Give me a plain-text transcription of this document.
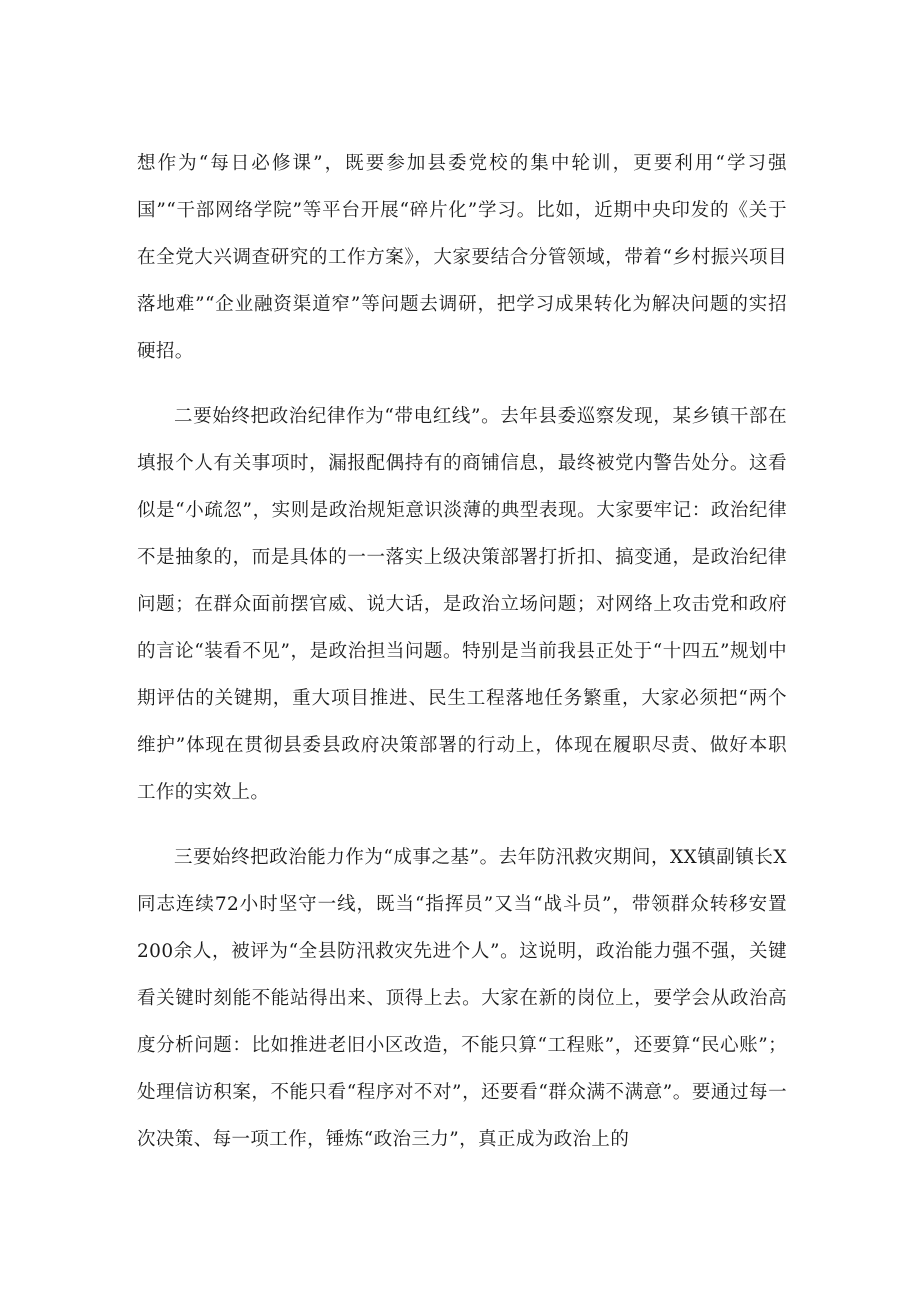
想作为“每日必修课”，既要参加县委党校的集中轮训，更要利用“学习强国”“干部网络学院”等平台开展“碎片化”学习。比如，近期中央印发的《关于在全党大兴调查研究的工作方案》，大家要结合分管领域，带着“乡村振兴项目落地难”“企业融资渠道窄”等问题去调研，把学习成果转化为解决问题的实招硬招。

二要始终把政治纪律作为“带电红线”。去年县委巡察发现，某乡镇干部在填报个人有关事项时，漏报配偶持有的商铺信息，最终被党内警告处分。这看似是“小疏忽”，实则是政治规矩意识淡薄的典型表现。大家要牢记：政治纪律不是抽象的，而是具体的一一落实上级决策部署打折扣、搞变通，是政治纪律问题；在群众面前摆官威、说大话，是政治立场问题；对网络上攻击党和政府的言论“装看不见”，是政治担当问题。特别是当前我县正处于“十四五”规划中期评估的关键期，重大项目推进、民生工程落地任务繁重，大家必须把“两个维护”体现在贯彻县委县政府决策部署的行动上，体现在履职尽责、做好本职工作的实效上。

三要始终把政治能力作为“成事之基”。去年防汛救灾期间，XX镇副镇长X同志连续72小时坚守一线，既当“指挥员”又当“战斗员”，带领群众转移安置200余人，被评为“全县防汛救灾先进个人”。这说明，政治能力强不强，关键看关键时刻能不能站得出来、顶得上去。大家在新的岗位上，要学会从政治高度分析问题：比如推进老旧小区改造，不能只算“工程账”，还要算“民心账”；处理信访积案，不能只看“程序对不对”，还要看“群众满不满意”。要通过每一次决策、每一项工作，锤炼“政治三力”，真正成为政治上的
